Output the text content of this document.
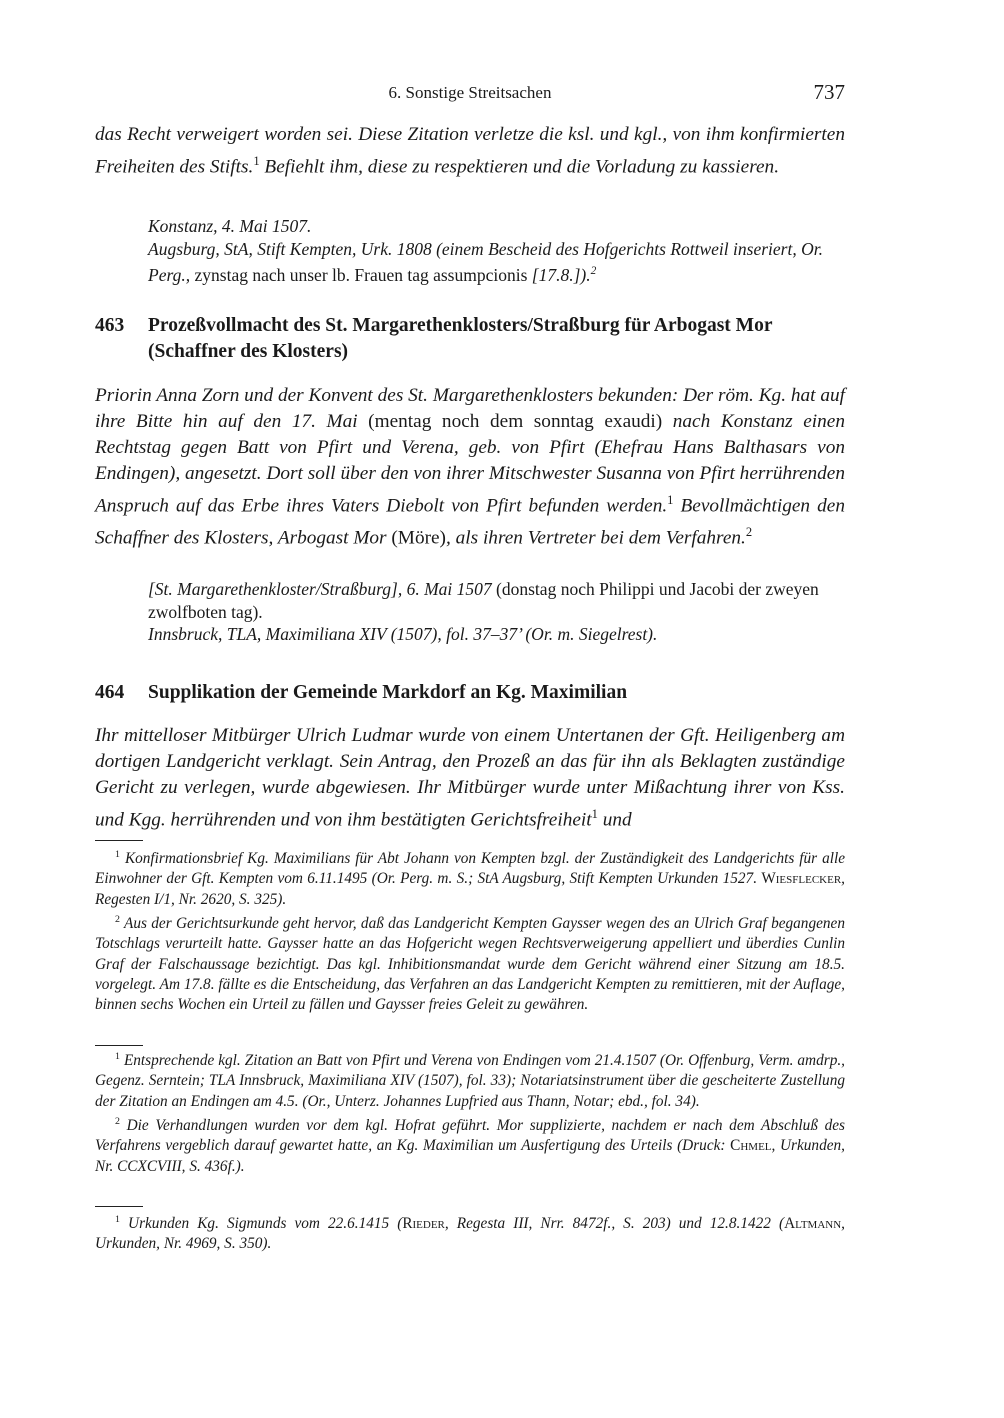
6. Sonstige Streitsachen	737
das Recht verweigert worden sei. Diese Zitation verletze die ksl. und kgl., von ihm konfirmierten Freiheiten des Stifts.$^1$ Befiehlt ihm, diese zu respektieren und die Vorladung zu kassieren.
Konstanz, 4. Mai 1507.
Augsburg, StA, Stift Kempten, Urk. 1808 (einem Bescheid des Hofgerichts Rottweil inseriert, Or. Perg., zynstag nach unser lb. Frauen tag assumpcionis [17.8.]).$^2$
463 Prozeßvollmacht des St. Margarethenklosters/Straßburg für Arbogast Mor (Schaffner des Klosters)
Priorin Anna Zorn und der Konvent des St. Margarethenklosters bekunden: Der röm. Kg. hat auf ihre Bitte hin auf den 17. Mai (mentag noch dem sonntag exaudi) nach Konstanz einen Rechtstag gegen Batt von Pfirt und Verena, geb. von Pfirt (Ehefrau Hans Balthasars von Endingen), angesetzt. Dort soll über den von ihrer Mitschwester Susanna von Pfirt herrührenden Anspruch auf das Erbe ihres Vaters Diebolt von Pfirt befunden werden.$^1$ Bevollmächtigen den Schaffner des Klosters, Arbogast Mor (Möre), als ihren Vertreter bei dem Verfahren.$^2$
[St. Margarethenkloster/Straßburg], 6. Mai 1507 (donstag noch Philippi und Jacobi der zweyen zwolfboten tag).
Innsbruck, TLA, Maximiliana XIV (1507), fol. 37–37’ (Or. m. Siegelrest).
464 Supplikation der Gemeinde Markdorf an Kg. Maximilian
Ihr mittelloser Mitbürger Ulrich Ludmar wurde von einem Untertanen der Gft. Heiligenberg am dortigen Landgericht verklagt. Sein Antrag, den Prozeß an das für ihn als Beklagten zuständige Gericht zu verlegen, wurde abgewiesen. Ihr Mitbürger wurde unter Mißachtung ihrer von Kss. und Kgg. herrührenden und von ihm bestätigten Gerichtsfreiheit$^1$ und
$^1$ Konfirmationsbrief Kg. Maximilians für Abt Johann von Kempten bzgl. der Zuständigkeit des Landgerichts für alle Einwohner der Gft. Kempten vom 6.11.1495 (Or. Perg. m. S.; StA Augsburg, Stift Kempten Urkunden 1527. Wiesflecker, Regesten I/1, Nr. 2620, S. 325).
$^2$ Aus der Gerichtsurkunde geht hervor, daß das Landgericht Kempten Gaysser wegen des an Ulrich Graf begangenen Totschlags verurteilt hatte. Gaysser hatte an das Hofgericht wegen Rechtsverweigerung appelliert und überdies Cunlin Graf der Falschaussage bezichtigt. Das kgl. Inhibitionsmandat wurde dem Gericht während einer Sitzung am 18.5. vorgelegt. Am 17.8. fällte es die Entscheidung, das Verfahren an das Landgericht Kempten zu remittieren, mit der Auflage, binnen sechs Wochen ein Urteil zu fällen und Gaysser freies Geleit zu gewähren.
$^1$ Entsprechende kgl. Zitation an Batt von Pfirt und Verena von Endingen vom 21.4.1507 (Or. Offenburg, Verm. amdrp., Gegenz. Serntein; TLA Innsbruck, Maximiliana XIV (1507), fol. 33); Notariatsinstrument über die gescheiterte Zustellung der Zitation an Endingen am 4.5. (Or., Unterz. Johannes Lupfried aus Thann, Notar; ebd., fol. 34).
$^2$ Die Verhandlungen wurden vor dem kgl. Hofrat geführt. Mor supplizierte, nachdem er nach dem Abschluß des Verfahrens vergeblich darauf gewartet hatte, an Kg. Maximilian um Ausfertigung des Urteils (Druck: Chmel, Urkunden, Nr. CCXCVIII, S. 436f.).
$^1$ Urkunden Kg. Sigmunds vom 22.6.1415 (Rieder, Regesta III, Nrr. 8472f., S. 203) und 12.8.1422 (Altmann, Urkunden, Nr. 4969, S. 350).
